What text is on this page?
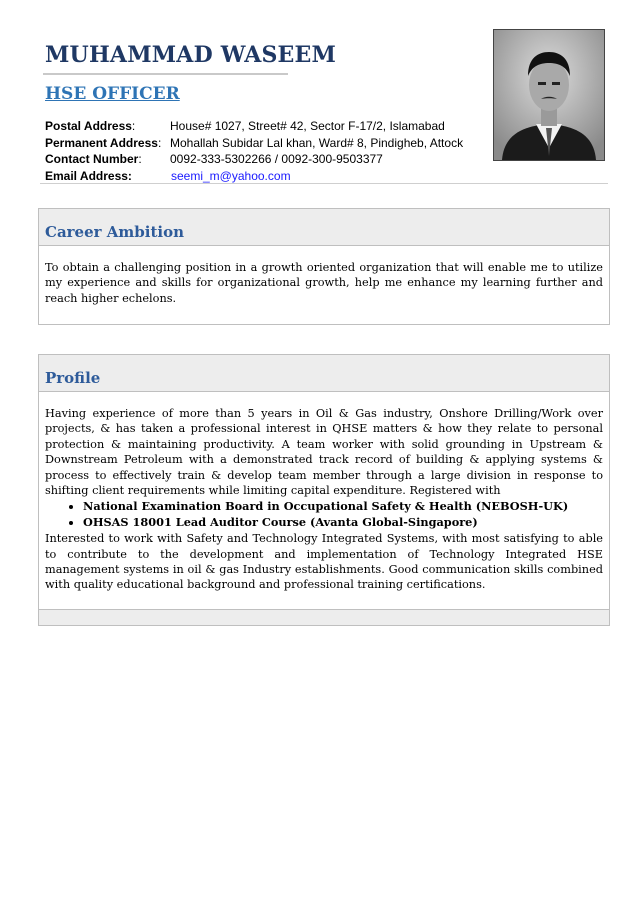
MUHAMMAD WASEEM
HSE OFFICER
Postal Address:	House# 1027, Street# 42, Sector F-17/2, Islamabad
Permanent Address: Mohallah Subidar Lal khan, Ward# 8, Pindigheb, Attock
Contact Number: 0092-333-5302266 / 0092-300-9503377
Email Address:	seemi_m@yahoo.com
Career Ambition
To obtain a challenging position in a growth oriented organization that will enable me to utilize my experience and skills for organizational growth, help me enhance my learning further and reach higher echelons.
Profile
Having experience of more than 5 years in Oil & Gas industry, Onshore Drilling/Work over projects, & has taken a professional interest in QHSE matters & how they relate to personal protection & maintaining productivity. A team worker with solid grounding in Upstream & Downstream Petroleum with a demonstrated track record of building & applying systems & process to effectively train & develop team member through a large division in response to shifting client requirements while limiting capital expenditure. Registered with
• National Examination Board in Occupational Safety & Health (NEBOSH-UK)
• OHSAS 18001 Lead Auditor Course (Avanta Global-Singapore)
Interested to work with Safety and Technology Integrated Systems, with most satisfying to able to contribute to the development and implementation of Technology Integrated HSE management systems in oil & gas Industry establishments. Good communication skills combined with quality educational background and professional training certifications.
